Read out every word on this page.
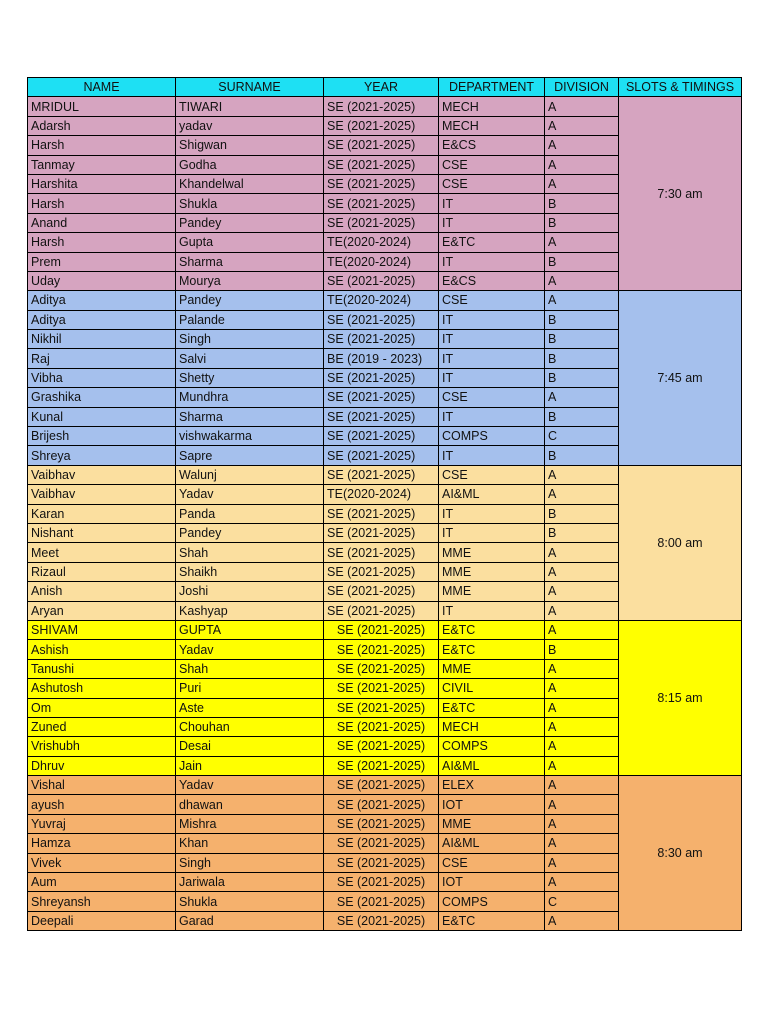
NAME	SURNAME	YEAR	DEPARTMENT	DIVISION	SLOTS & TIMINGS
MRIDUL	TIWARI	SE (2021-2025)	MECH	A	7:30 am
Adarsh	yadav	SE (2021-2025)	MECH	A	
Harsh	Shigwan	SE (2021-2025)	E&CS	A	
Tanmay	Godha	SE (2021-2025)	CSE	A	
Harshita	Khandelwal	SE (2021-2025)	CSE	A	
Harsh	Shukla	SE (2021-2025)	IT	B	
Anand	Pandey	SE (2021-2025)	IT	B	
Harsh	Gupta	TE(2020-2024)	E&TC	A	
Prem	Sharma	TE(2020-2024)	IT	B	
Uday	Mourya	SE (2021-2025)	E&CS	A	
Aditya	Pandey	TE(2020-2024)	CSE	A	7:45 am
Aditya	Palande	SE (2021-2025)	IT	B	
Nikhil	Singh	SE (2021-2025)	IT	B	
Raj	Salvi	BE (2019 - 2023)	IT	B	
Vibha	Shetty	SE (2021-2025)	IT	B	
Grashika	Mundhra	SE (2021-2025)	CSE	A	
Kunal	Sharma	SE (2021-2025)	IT	B	
Brijesh	vishwakarma	SE (2021-2025)	COMPS	C	
Shreya	Sapre	SE (2021-2025)	IT	B	
Vaibhav	Walunj	SE (2021-2025)	CSE	A	8:00 am
Vaibhav	Yadav	TE(2020-2024)	AI&ML	A	
Karan	Panda	SE (2021-2025)	IT	B	
Nishant	Pandey	SE (2021-2025)	IT	B	
Meet	Shah	SE (2021-2025)	MME	A	
Rizaul	Shaikh	SE (2021-2025)	MME	A	
Anish	Joshi	SE (2021-2025)	MME	A	
Aryan	Kashyap	SE (2021-2025)	IT	A	
SHIVAM	GUPTA	SE (2021-2025)	E&TC	A	8:15 am
Ashish	Yadav	SE (2021-2025)	E&TC	B	
Tanushi	Shah	SE (2021-2025)	MME	A	
Ashutosh	Puri	SE (2021-2025)	CIVIL	A	
Om	Aste	SE (2021-2025)	E&TC	A	
Zuned	Chouhan	SE (2021-2025)	MECH	A	
Vrishubh	Desai	SE (2021-2025)	COMPS	A	
Dhruv	Jain	SE (2021-2025)	AI&ML	A	
Vishal	Yadav	SE (2021-2025)	ELEX	A	8:30 am
ayush	dhawan	SE (2021-2025)	IOT	A	
Yuvraj	Mishra	SE (2021-2025)	MME	A	
Hamza	Khan	SE (2021-2025)	AI&ML	A	
Vivek	Singh	SE (2021-2025)	CSE	A	
Aum	Jariwala	SE (2021-2025)	IOT	A	
Shreyansh	Shukla	SE (2021-2025)	COMPS	C	
Deepali	Garad	SE (2021-2025)	E&TC	A	
